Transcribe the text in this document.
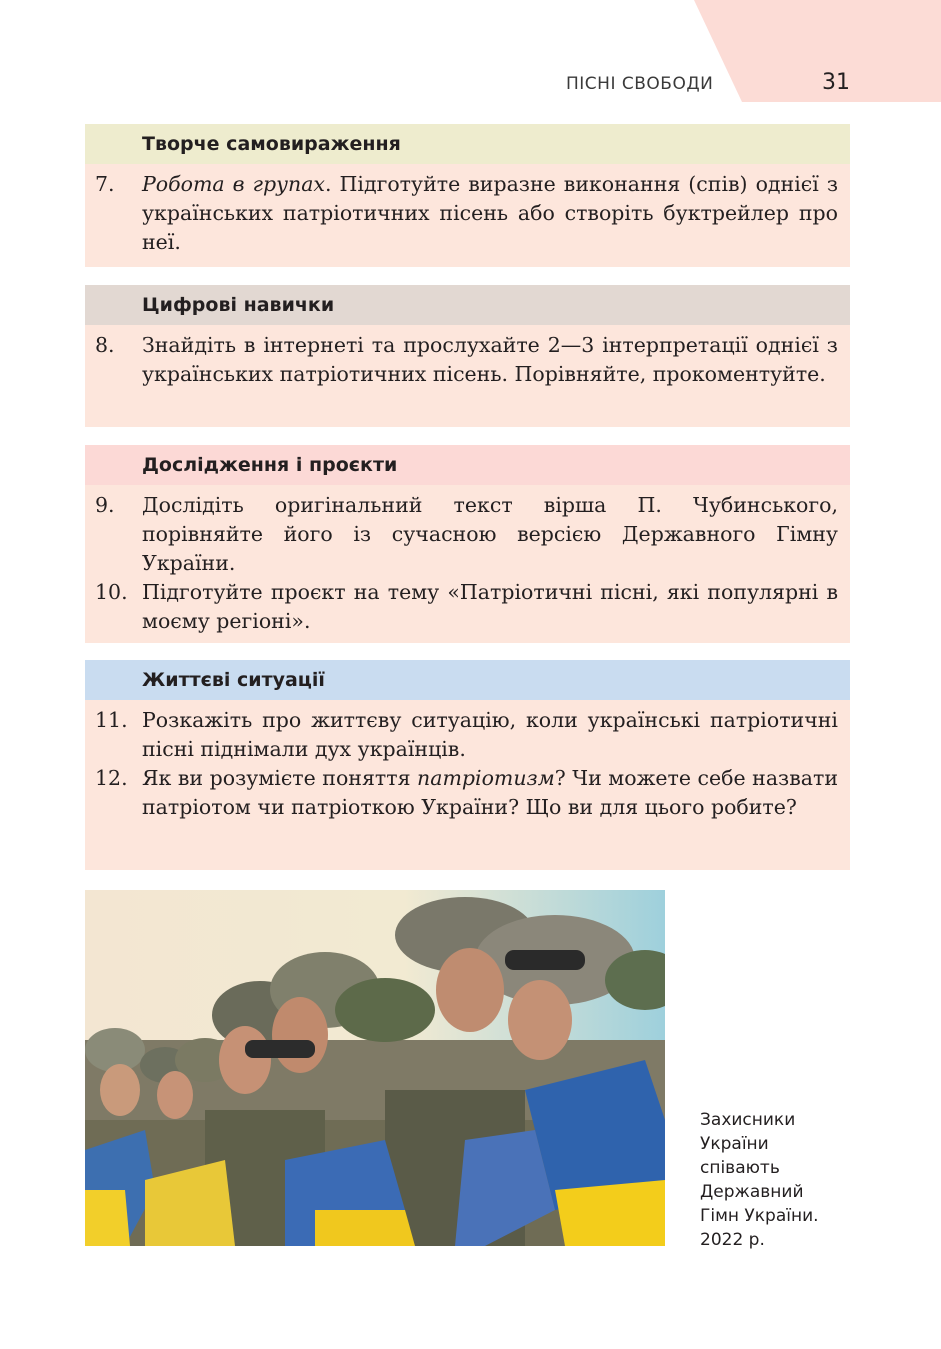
ПІСНІ СВОБОДИ	31
Творче самовираження
7.	Робота в групах. Підготуйте виразне виконання (спів) однієї з українських патріотичних пісень або створіть буктрейлер про неї.
Цифрові навички
8.	Знайдіть в інтернеті та прослухайте 2—3 інтерпретації однієї з українських патріотичних пісень. Порівняйте, прокоментуйте.
Дослідження і проєкти
9.	Дослідіть оригінальний текст вірша П. Чубинського, порівняйте його із сучасною версією Державного Гімну України.
10. Підготуйте проєкт на тему «Патріотичні пісні, які популярні в моєму регіоні».
Життєві ситуації
11. Розкажіть про життєву ситуацію, коли українські патріотичні пісні піднімали дух українців.
12. Як ви розумієте поняття патріотизм? Чи можете себе назвати патріотом чи патріоткою України? Що ви для цього робите?
Захисники
України
співають
Державний
Гімн України.
2022 р.
